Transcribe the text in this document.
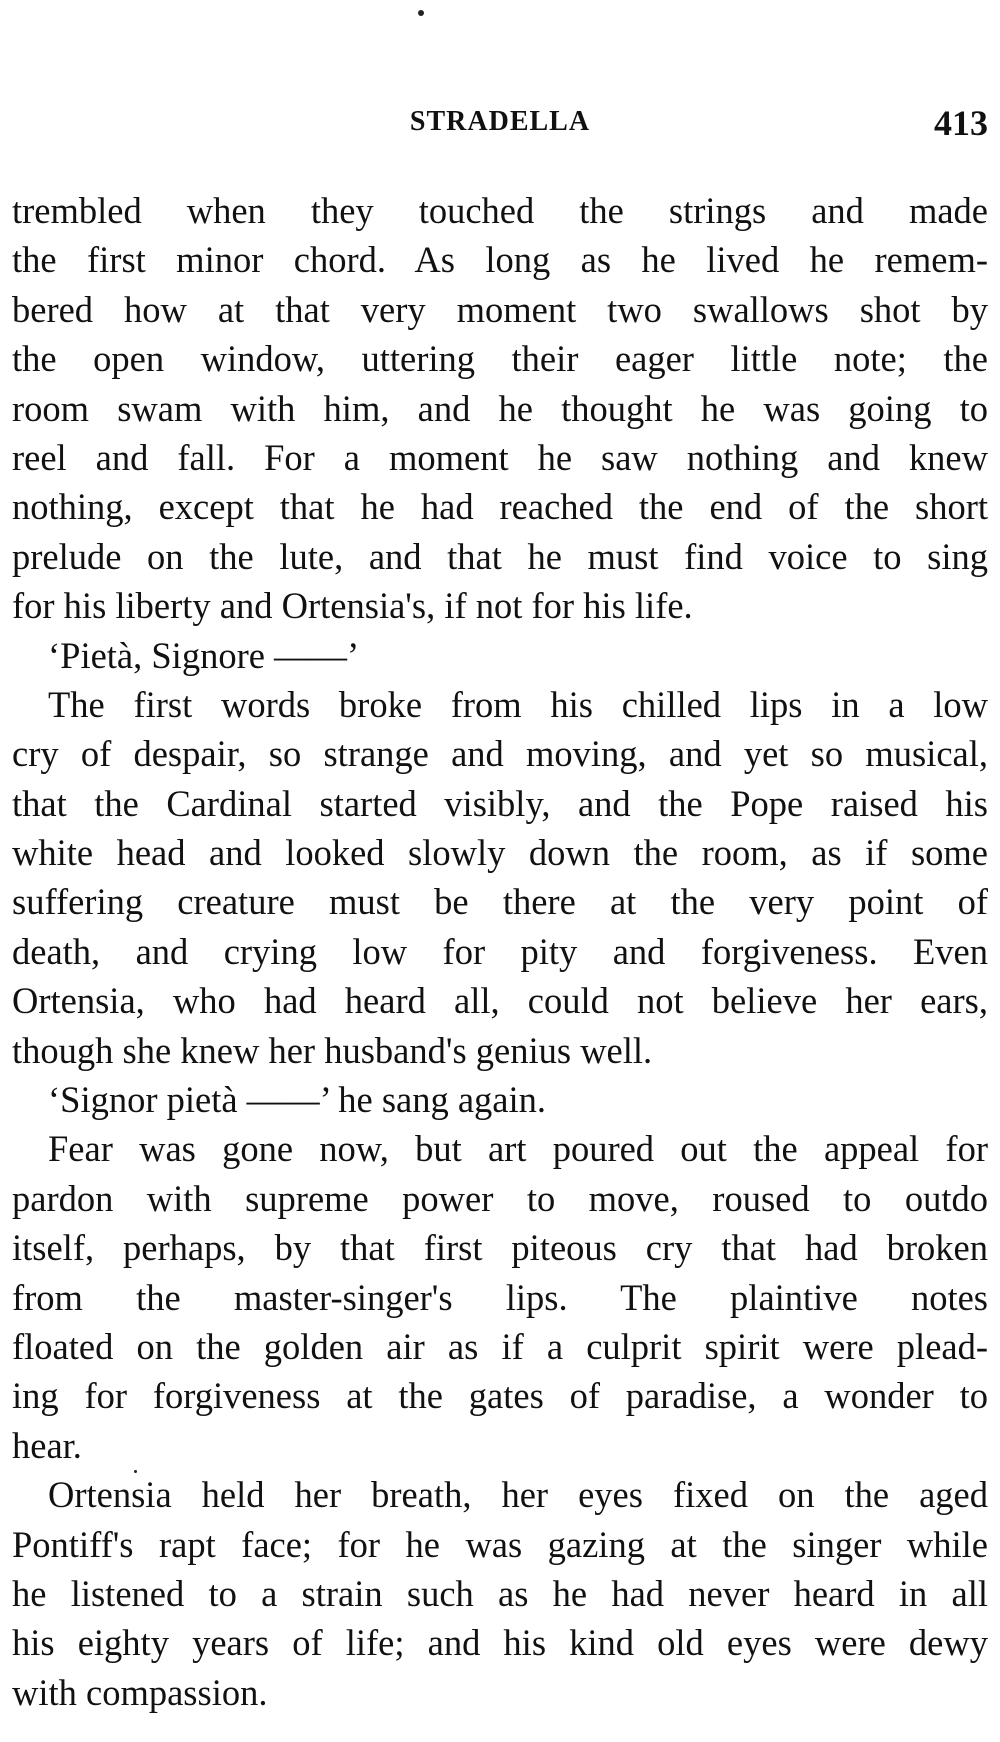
STRADELLA	413
trembled when they touched the strings and made
the first minor chord. As long as he lived he remem-
bered how at that very moment two swallows shot by
the open window, uttering their eager little note; the
room swam with him, and he thought he was going to
reel and fall. For a moment he saw nothing and knew
nothing, except that he had reached the end of the short
prelude on the lute, and that he must find voice to sing
for his liberty and Ortensia's, if not for his life.
‘Pietà, Signore ——’
The first words broke from his chilled lips in a low
cry of despair, so strange and moving, and yet so musical,
that the Cardinal started visibly, and the Pope raised his
white head and looked slowly down the room, as if some
suffering creature must be there at the very point of
death, and crying low for pity and forgiveness. Even
Ortensia, who had heard all, could not believe her ears,
though she knew her husband's genius well.
‘Signor pietà ——’ he sang again.
Fear was gone now, but art poured out the appeal for
pardon with supreme power to move, roused to outdo
itself, perhaps, by that first piteous cry that had broken
from the master-singer's lips. The plaintive notes
floated on the golden air as if a culprit spirit were plead-
ing for forgiveness at the gates of paradise, a wonder to
hear.
Ortensia held her breath, her eyes fixed on the aged
Pontiff's rapt face; for he was gazing at the singer while
he listened to a strain such as he had never heard in all
his eighty years of life; and his kind old eyes were dewy
with compassion.
